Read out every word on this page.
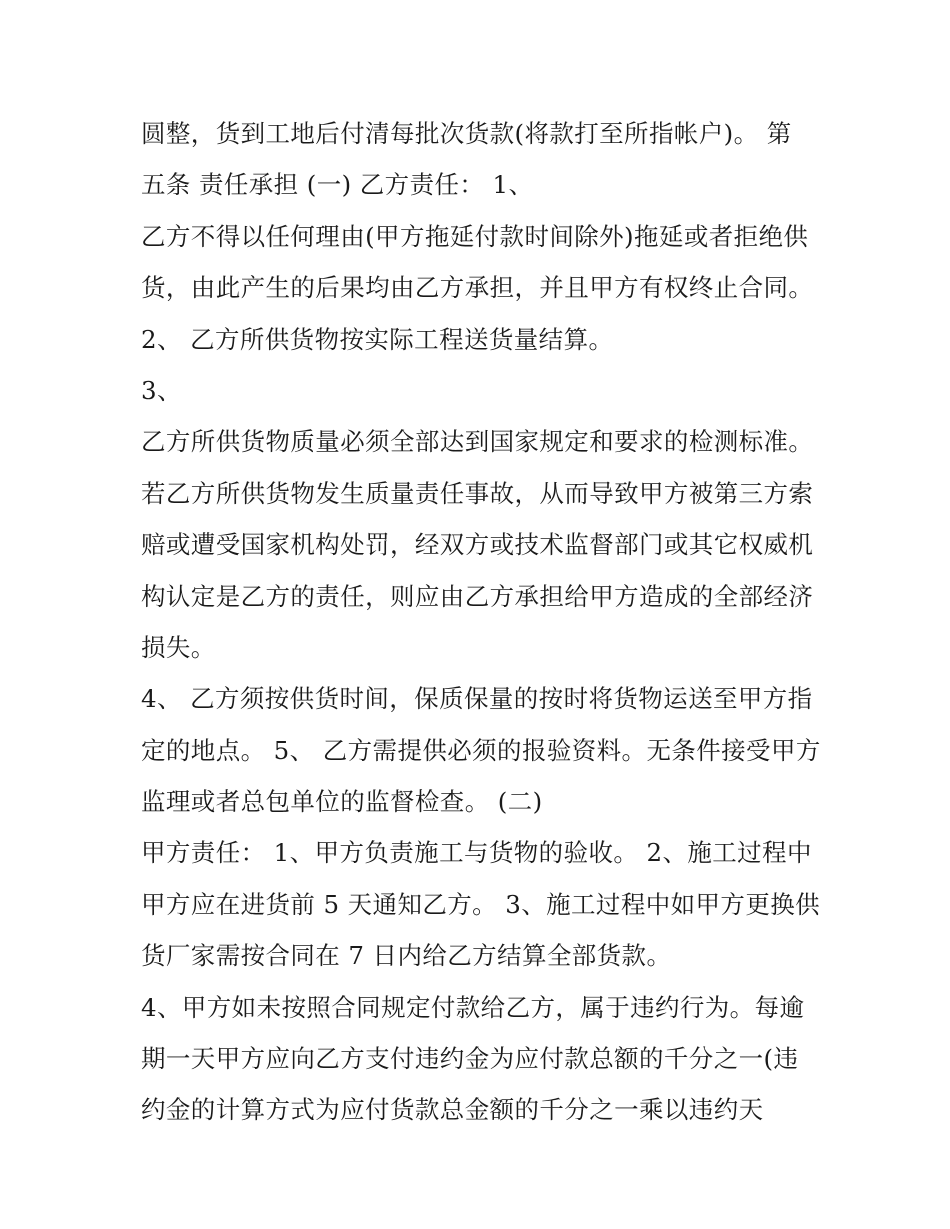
圆整，货到工地后付清每批次货款(将款打至所指帐户)。 第
五条 责任承担 (一) 乙方责任： 1、
乙方不得以任何理由(甲方拖延付款时间除外)拖延或者拒绝供
货，由此产生的后果均由乙方承担，并且甲方有权终止合同。
2、 乙方所供货物按实际工程送货量结算。
3、
乙方所供货物质量必须全部达到国家规定和要求的检测标准。
若乙方所供货物发生质量责任事故，从而导致甲方被第三方索
赔或遭受国家机构处罚，经双方或技术监督部门或其它权威机
构认定是乙方的责任，则应由乙方承担给甲方造成的全部经济
损失。
4、 乙方须按供货时间，保质保量的按时将货物运送至甲方指
定的地点。 5、 乙方需提供必须的报验资料。无条件接受甲方
监理或者总包单位的监督检查。 (二)
甲方责任： 1、甲方负责施工与货物的验收。 2、施工过程中
甲方应在进货前 5 天通知乙方。 3、施工过程中如甲方更换供
货厂家需按合同在 7 日内给乙方结算全部货款。
4、甲方如未按照合同规定付款给乙方，属于违约行为。每逾
期一天甲方应向乙方支付违约金为应付款总额的千分之一(违
约金的计算方式为应付货款总金额的千分之一乘以违约天
